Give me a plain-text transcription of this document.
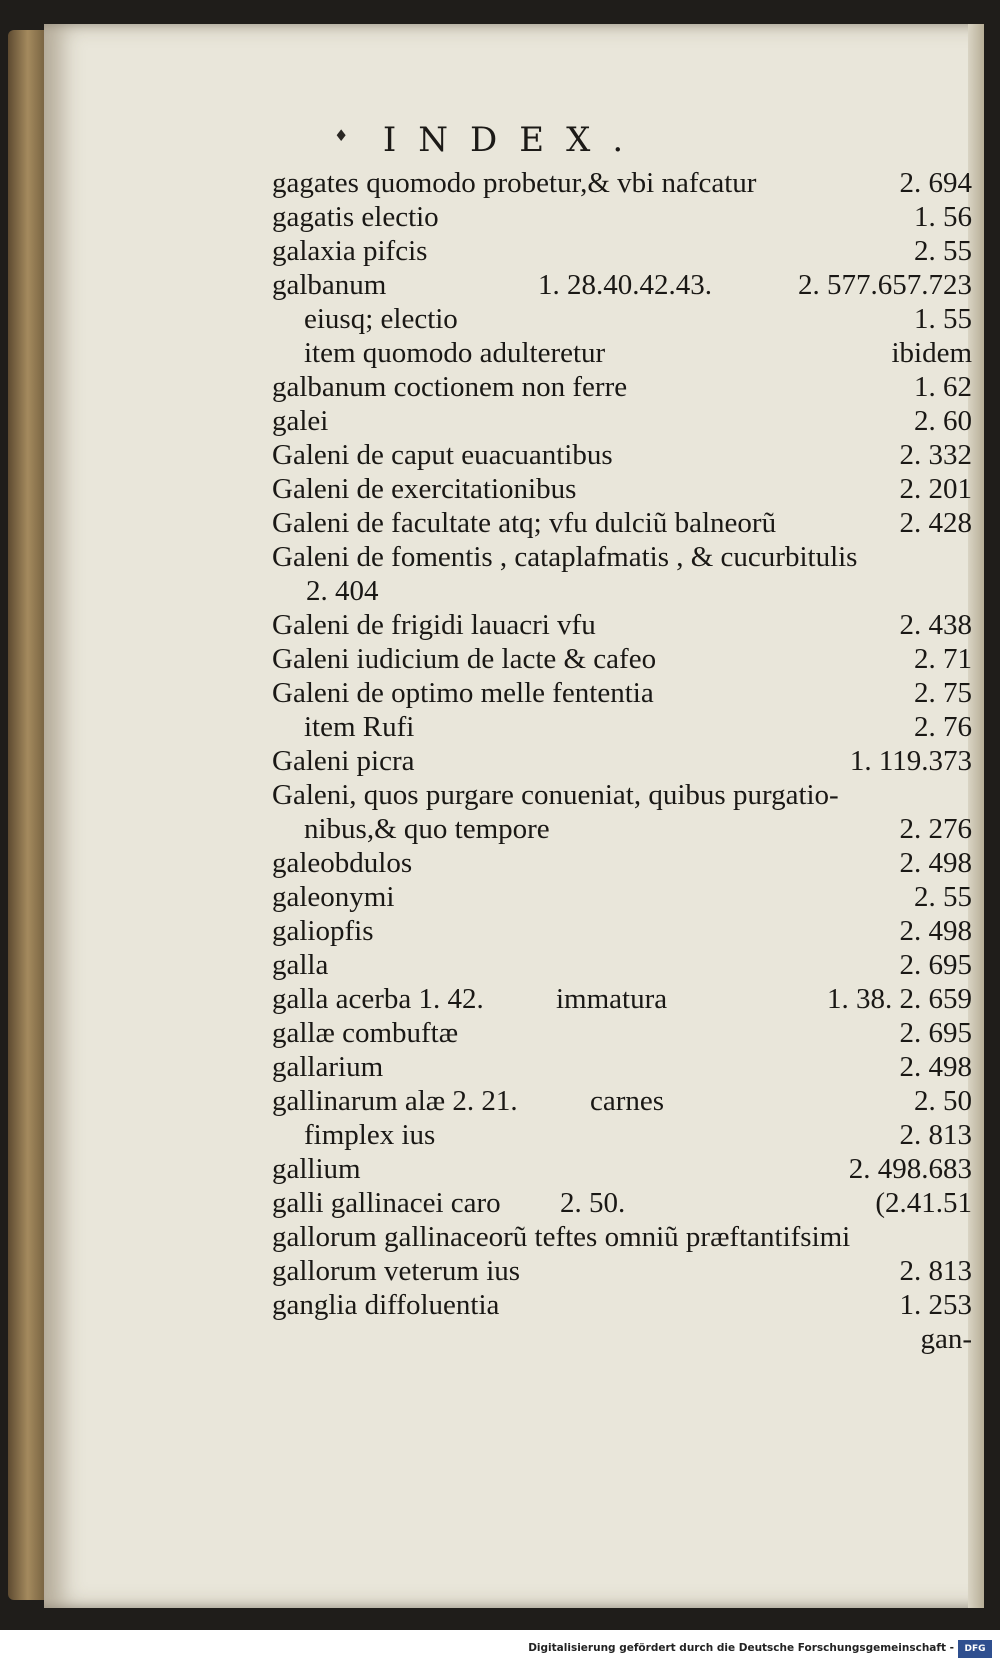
♦	INDEX.
gagates quomodo probetur,& vbi nafcatur	2. 694
gagatis electio	1. 56
galaxia pifcis	2. 55
galbanum	1. 28.40.42.43.	2. 577.657.723
eiusq; electio	1. 55
item quomodo adulteretur	ibidem
galbanum coctionem non ferre	1. 62
galei	2. 60
Galeni de caput euacuantibus	2. 332
Galeni de exercitationibus	2. 201
Galeni de facultate atq; vfu dulciũ balneorũ	2. 428
Galeni de fomentis , cataplafmatis , & cucurbitulis
2. 404
Galeni de frigidi lauacri vfu	2. 438
Galeni iudicium de lacte & cafeo	2. 71
Galeni de optimo melle fententia	2. 75
item Rufi	2. 76
Galeni picra	1. 119.373
Galeni, quos purgare conueniat, quibus purgatio-
nibus,& quo tempore	2. 276
galeobdulos	2. 498
galeonymi	2. 55
galiopfis	2. 498
galla	2. 695
galla acerba 1. 42. immatura	1. 38. 2. 659
gallæ combuftæ	2. 695
gallarium	2. 498
gallinarum alæ 2. 21. carnes	2. 50
fimplex ius	2. 813
gallium	2. 498.683
galli gallinacei caro 2. 50.	(2.41.51
gallorum gallinaceorũ teftes omniũ præftantifsimi
gallorum veterum ius	2. 813
ganglia diffoluentia	1. 253
gan-
Digitalisierung gefördert durch die Deutsche Forschungsgemeinschaft -	DFG
